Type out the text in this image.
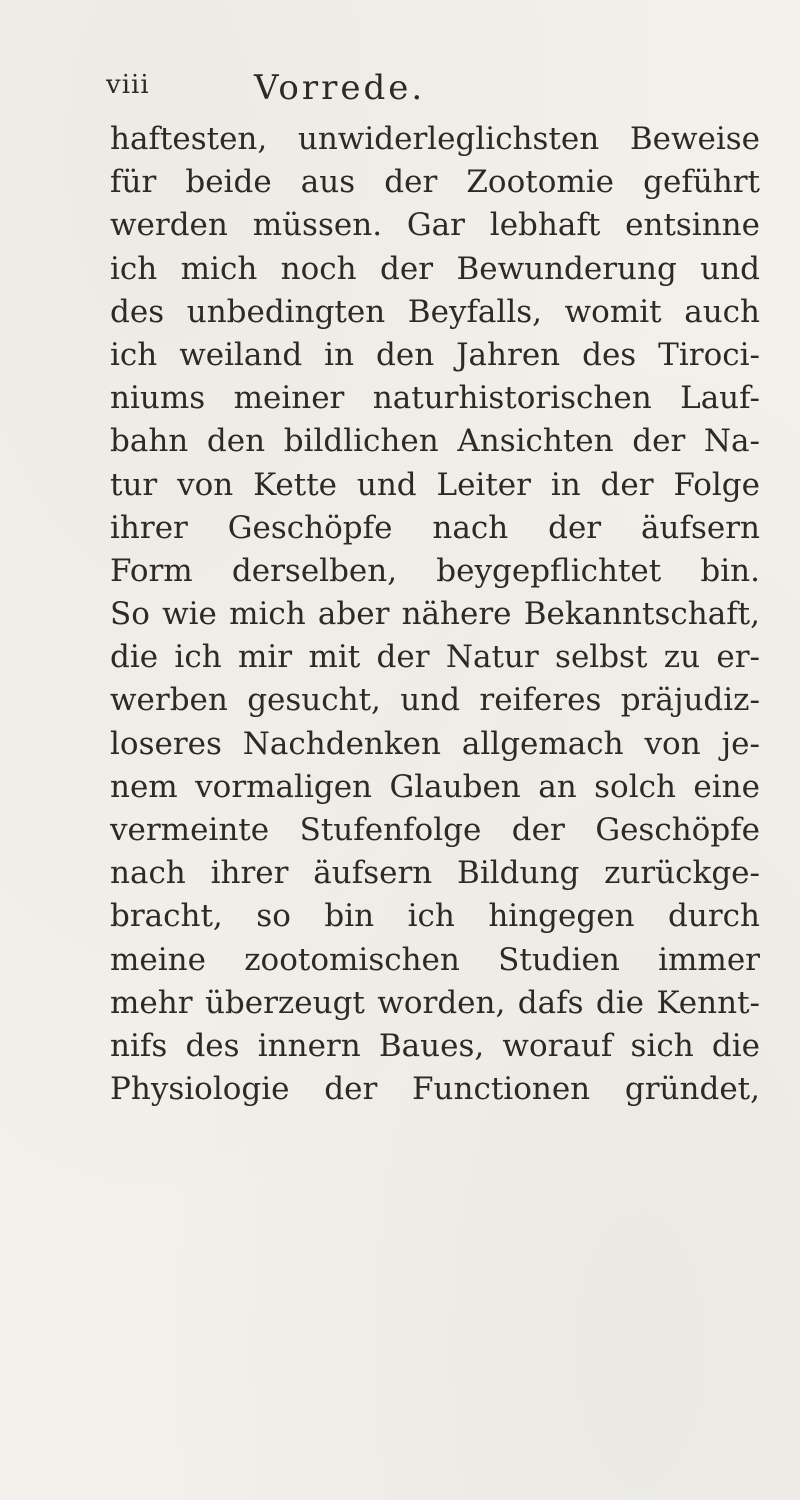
viii	Vorrede.
haftesten, unwiderleglichsten Beweise
für beide aus der Zootomie geführt
werden müssen. Gar lebhaft entsinne
ich mich noch der Bewunderung und
des unbedingten Beyfalls, womit auch
ich weiland in den Jahren des Tiroci-
niums meiner naturhistorischen Lauf-
bahn den bildlichen Ansichten der Na-
tur von Kette und Leiter in der Folge
ihrer Geschöpfe nach der äufsern
Form derselben, beygepflichtet bin.
So wie mich aber nähere Bekanntschaft,
die ich mir mit der Natur selbst zu er-
werben gesucht, und reiferes präjudiz-
loseres Nachdenken allgemach von je-
nem vormaligen Glauben an solch eine
vermeinte Stufenfolge der Geschöpfe
nach ihrer äufsern Bildung zurückge-
bracht, so bin ich hingegen durch
meine zootomischen Studien immer
mehr überzeugt worden, dafs die Kennt-
nifs des innern Baues, worauf sich die
Physiologie der Functionen gründet,
